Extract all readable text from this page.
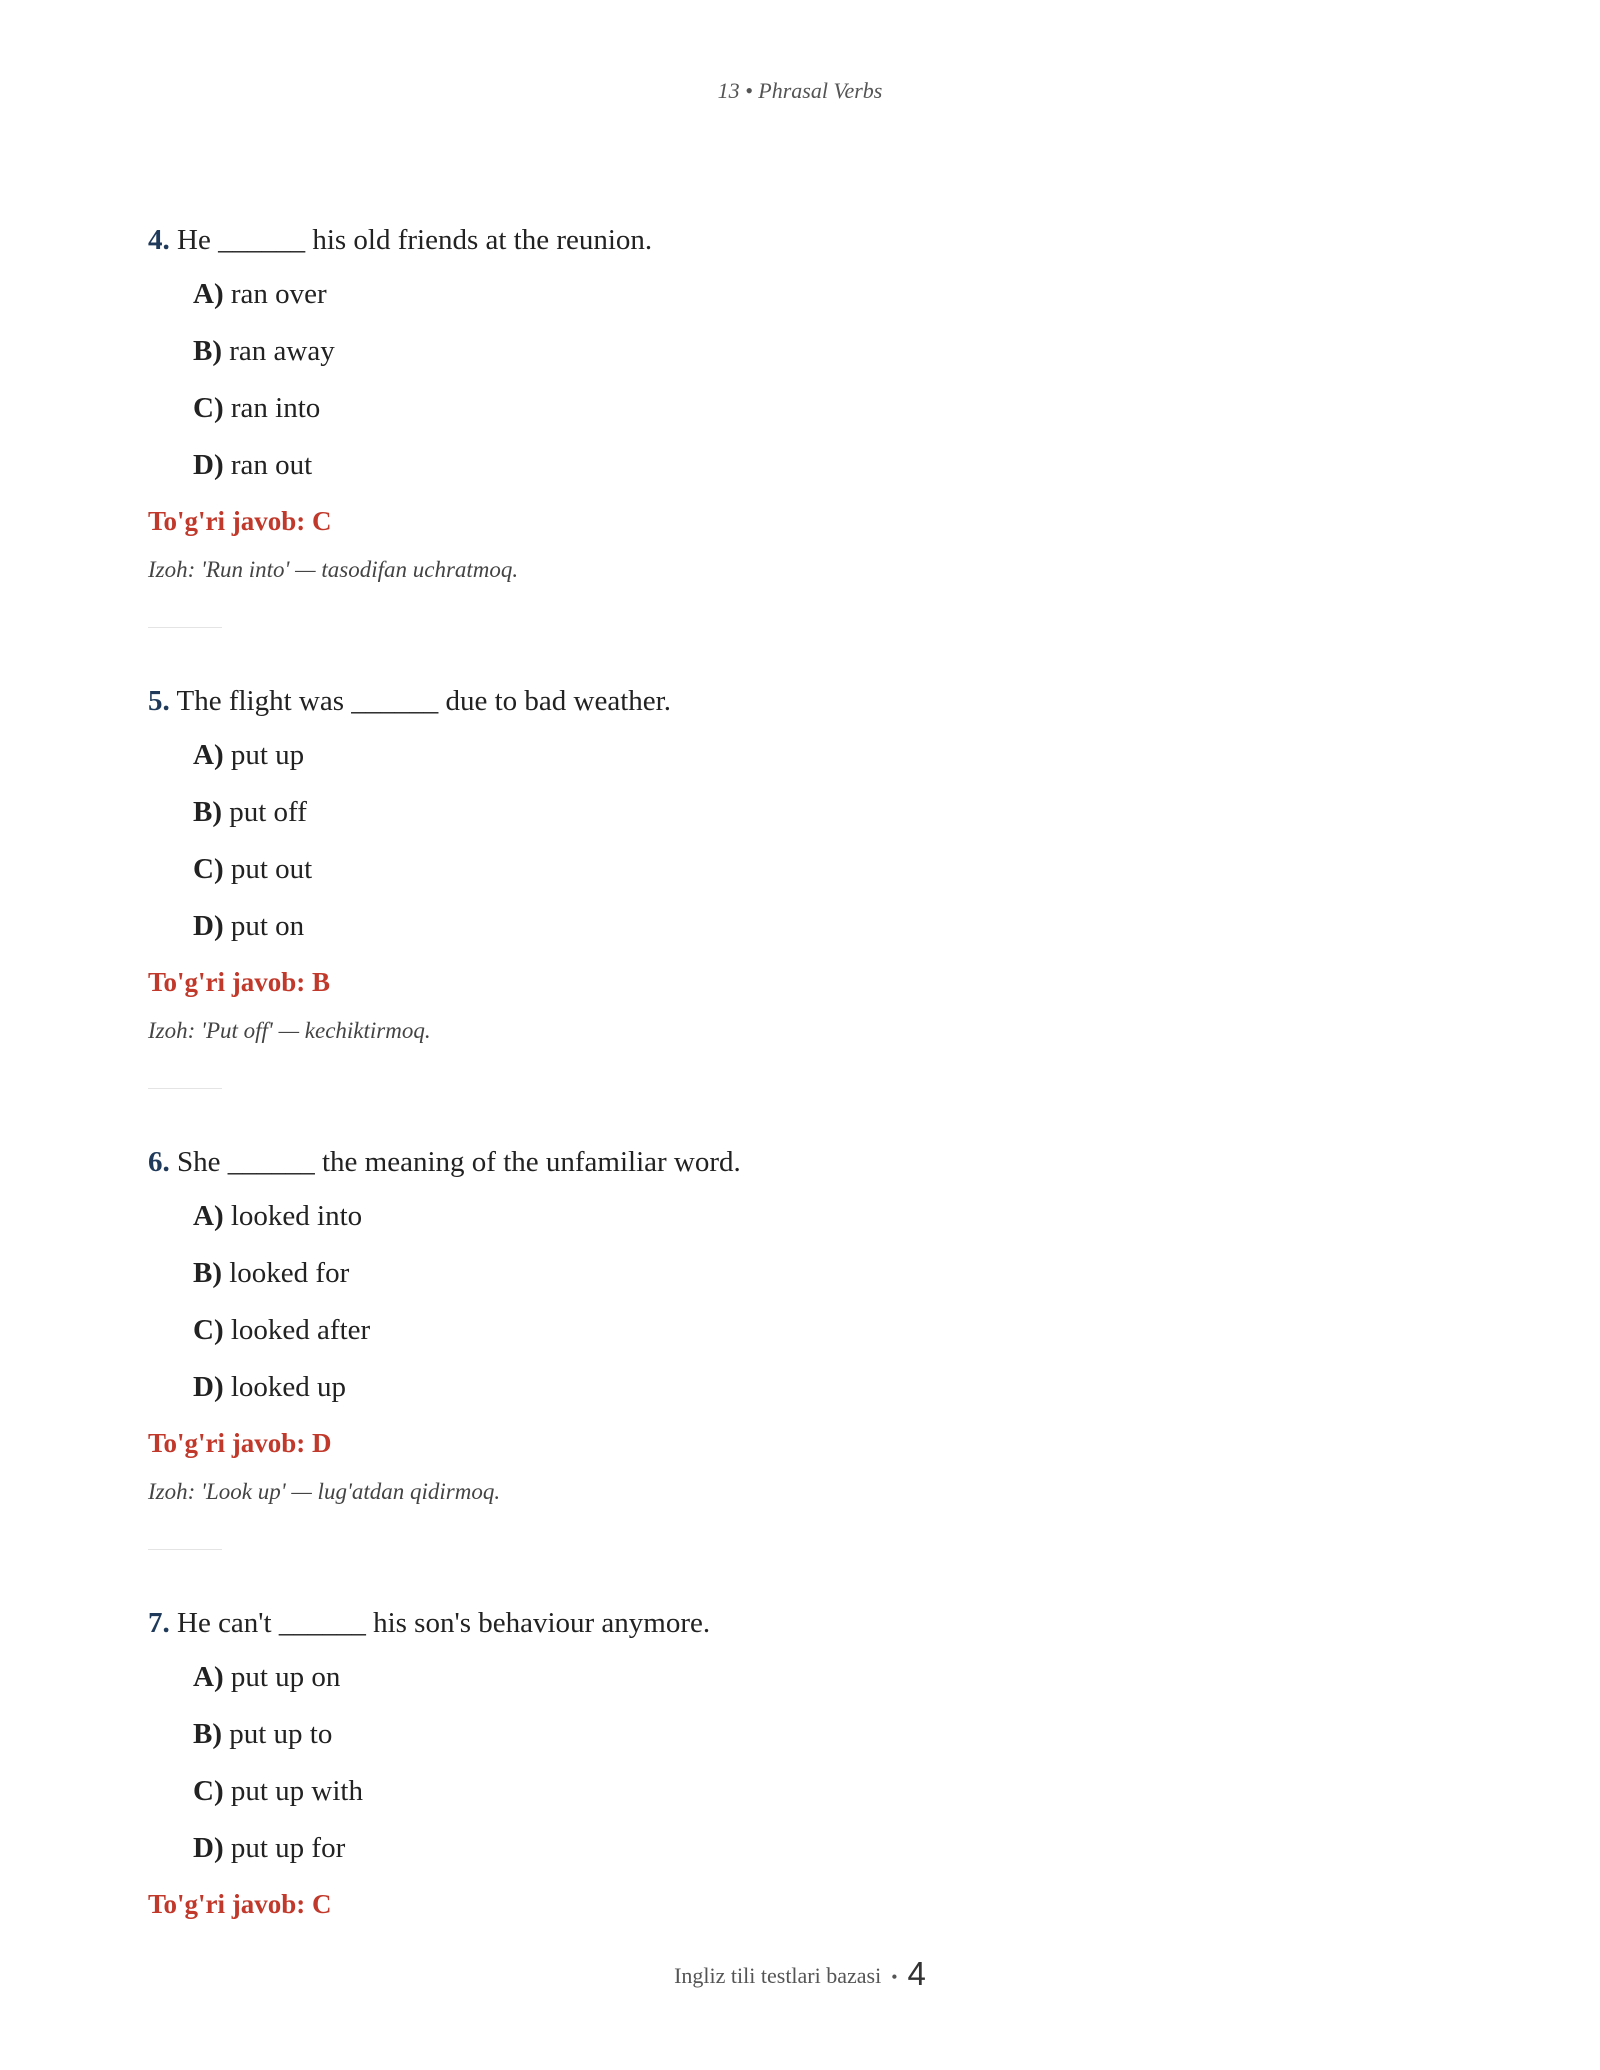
13 • Phrasal Verbs
4. He ______ his old friends at the reunion.
A) ran over
B) ran away
C) ran into
D) ran out
To'g'ri javob: C
Izoh: 'Run into' — tasodifan uchratmoq.
5. The flight was ______ due to bad weather.
A) put up
B) put off
C) put out
D) put on
To'g'ri javob: B
Izoh: 'Put off' — kechiktirmoq.
6. She ______ the meaning of the unfamiliar word.
A) looked into
B) looked for
C) looked after
D) looked up
To'g'ri javob: D
Izoh: 'Look up' — lug'atdan qidirmoq.
7. He can't ______ his son's behaviour anymore.
A) put up on
B) put up to
C) put up with
D) put up for
To'g'ri javob: C
Ingliz tili testlari bazasi • 4
